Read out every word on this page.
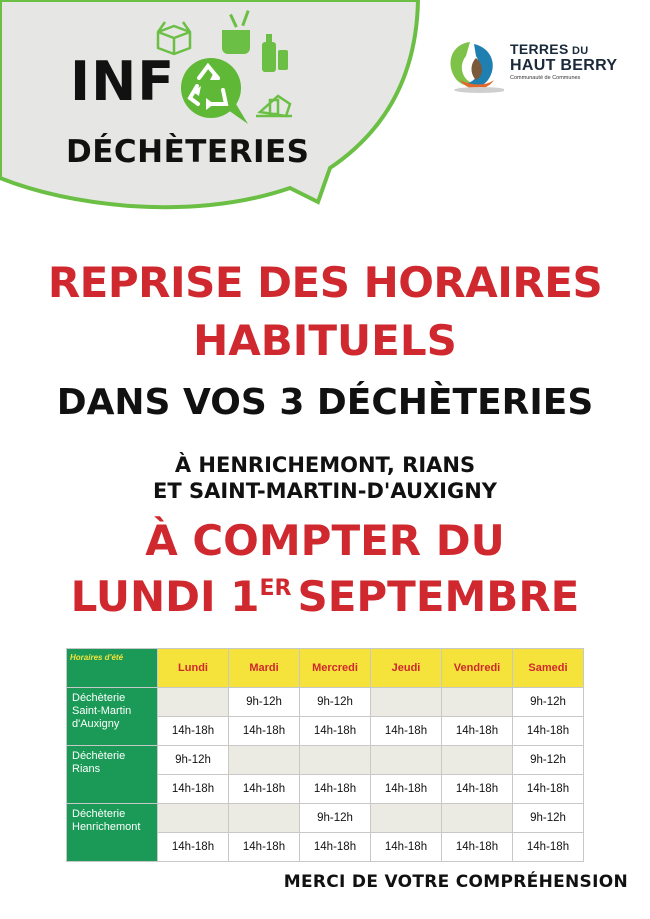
INF
DÉCHÈTERIES
TERRES DU
HAUT BERRY
Communauté de Communes
REPRISE DES HORAIRES
HABITUELS
DANS VOS 3 DÉCHÈTERIES
À HENRICHEMONT, RIANS
ET SAINT-MARTIN-D'AUXIGNY
À COMPTER DU
LUNDI 1ER SEPTEMBRE
Horaires d'été	Lundi	Mardi	Mercredi	Jeudi	Vendredi	Samedi
Déchèterie Saint-Martin d'Auxigny		9h-12h	9h-12h			9h-12h
	14h-18h	14h-18h	14h-18h	14h-18h	14h-18h	14h-18h
Déchèterie Rians	9h-12h					9h-12h
	14h-18h	14h-18h	14h-18h	14h-18h	14h-18h	14h-18h
Déchèterie Henrichemont			9h-12h			9h-12h
	14h-18h	14h-18h	14h-18h	14h-18h	14h-18h	14h-18h
MERCI DE VOTRE COMPRÉHENSION
